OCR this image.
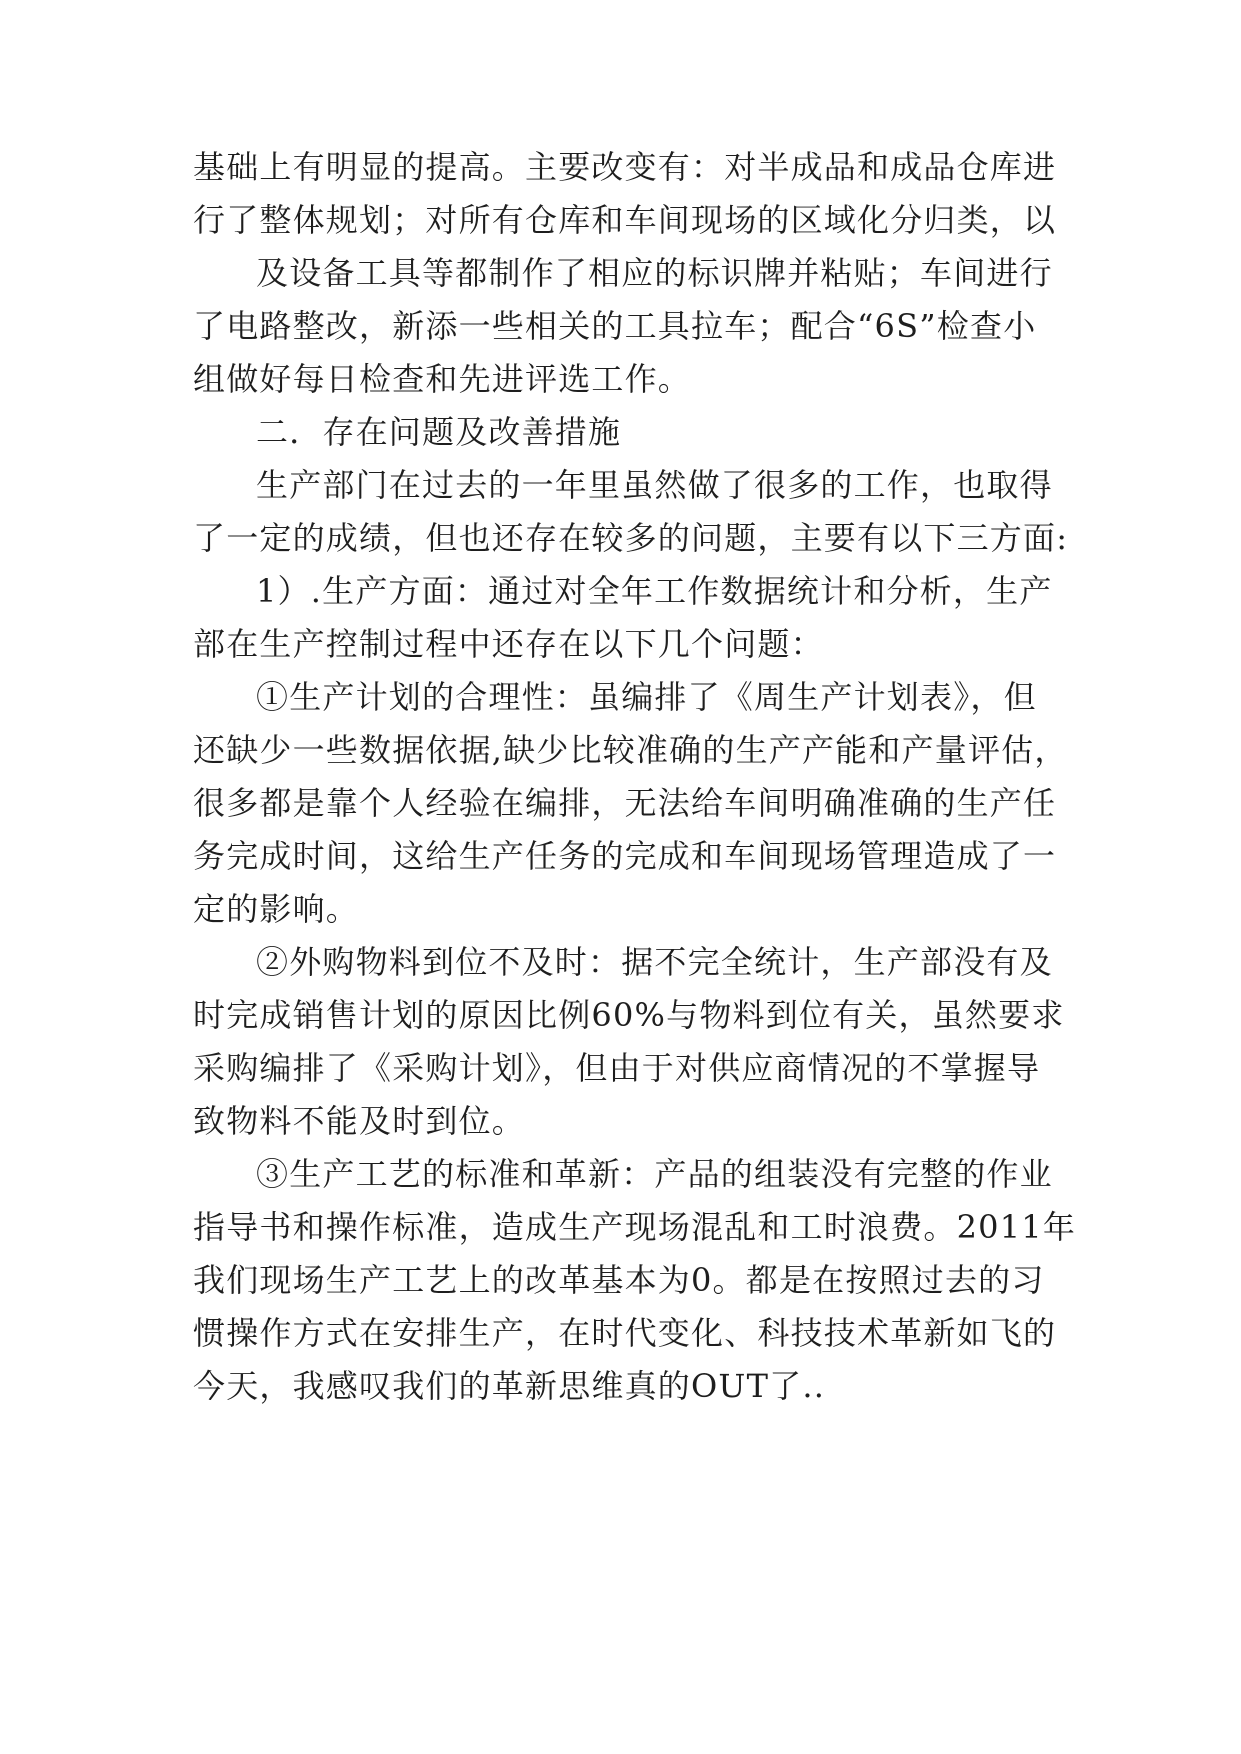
基础上有明显的提高。主要改变有：对半成品和成品仓库进
行了整体规划；对所有仓库和车间现场的区域化分归类，以
及设备工具等都制作了相应的标识牌并粘贴；车间进行
了电路整改，新添一些相关的工具拉车；配合“6S”检查小
组做好每日检查和先进评选工作。
二．存在问题及改善措施
生产部门在过去的一年里虽然做了很多的工作，也取得
了一定的成绩，但也还存在较多的问题，主要有以下三方面:
1）.生产方面：通过对全年工作数据统计和分析，生产
部在生产控制过程中还存在以下几个问题：
①生产计划的合理性：虽编排了《周生产计划表》，但
还缺少一些数据依据,缺少比较准确的生产产能和产量评估，
很多都是靠个人经验在编排，无法给车间明确准确的生产任
务完成时间，这给生产任务的完成和车间现场管理造成了一
定的影响。
②外购物料到位不及时：据不完全统计，生产部没有及
时完成销售计划的原因比例60%与物料到位有关，虽然要求
采购编排了《采购计划》，但由于对供应商情况的不掌握导
致物料不能及时到位。
③生产工艺的标准和革新：产品的组装没有完整的作业
指导书和操作标准，造成生产现场混乱和工时浪费。2011年
我们现场生产工艺上的改革基本为0。都是在按照过去的习
惯操作方式在安排生产，在时代变化、科技技术革新如飞的
今天，我感叹我们的革新思维真的OUT了..
